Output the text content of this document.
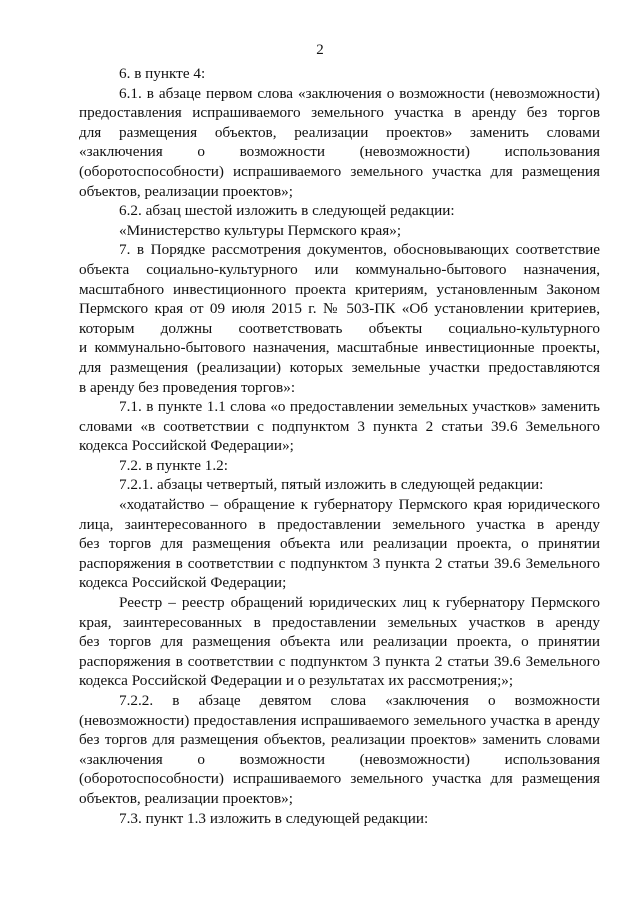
2
6. в пункте 4:
6.1. в абзаце первом слова «заключения о возможности (невозможности)
предоставления испрашиваемого земельного участка в аренду без торгов
для размещения объектов, реализации проектов» заменить словами
«заключения о возможности (невозможности) использования
(оборотоспособности) испрашиваемого земельного участка для размещения
объектов, реализации проектов»;
6.2. абзац шестой изложить в следующей редакции:
«Министерство культуры Пермского края»;
7. в Порядке рассмотрения документов, обосновывающих соответствие
объекта социально-культурного или коммунально-бытового назначения,
масштабного инвестиционного проекта критериям, установленным Законом
Пермского края от 09 июля 2015 г. № 503-ПК «Об установлении критериев,
которым должны соответствовать объекты социально-культурного
и коммунально-бытового назначения, масштабные инвестиционные проекты,
для размещения (реализации) которых земельные участки предоставляются
в аренду без проведения торгов»:
7.1. в пункте 1.1 слова «о предоставлении земельных участков» заменить
словами «в соответствии с подпунктом 3 пункта 2 статьи 39.6 Земельного
кодекса Российской Федерации»;
7.2. в пункте 1.2:
7.2.1. абзацы четвертый, пятый изложить в следующей редакции:
«ходатайство – обращение к губернатору Пермского края юридического
лица, заинтересованного в предоставлении земельного участка в аренду
без торгов для размещения объекта или реализации проекта, о принятии
распоряжения в соответствии с подпунктом 3 пункта 2 статьи 39.6 Земельного
кодекса Российской Федерации;
Реестр – реестр обращений юридических лиц к губернатору Пермского
края, заинтересованных в предоставлении земельных участков в аренду
без торгов для размещения объекта или реализации проекта, о принятии
распоряжения в соответствии с подпунктом 3 пункта 2 статьи 39.6 Земельного
кодекса Российской Федерации и о результатах их рассмотрения;»;
7.2.2. в абзаце девятом слова «заключения о возможности
(невозможности) предоставления испрашиваемого земельного участка в аренду
без торгов для размещения объектов, реализации проектов» заменить словами
«заключения о возможности (невозможности) использования
(оборотоспособности) испрашиваемого земельного участка для размещения
объектов, реализации проектов»;
7.3. пункт 1.3 изложить в следующей редакции:
